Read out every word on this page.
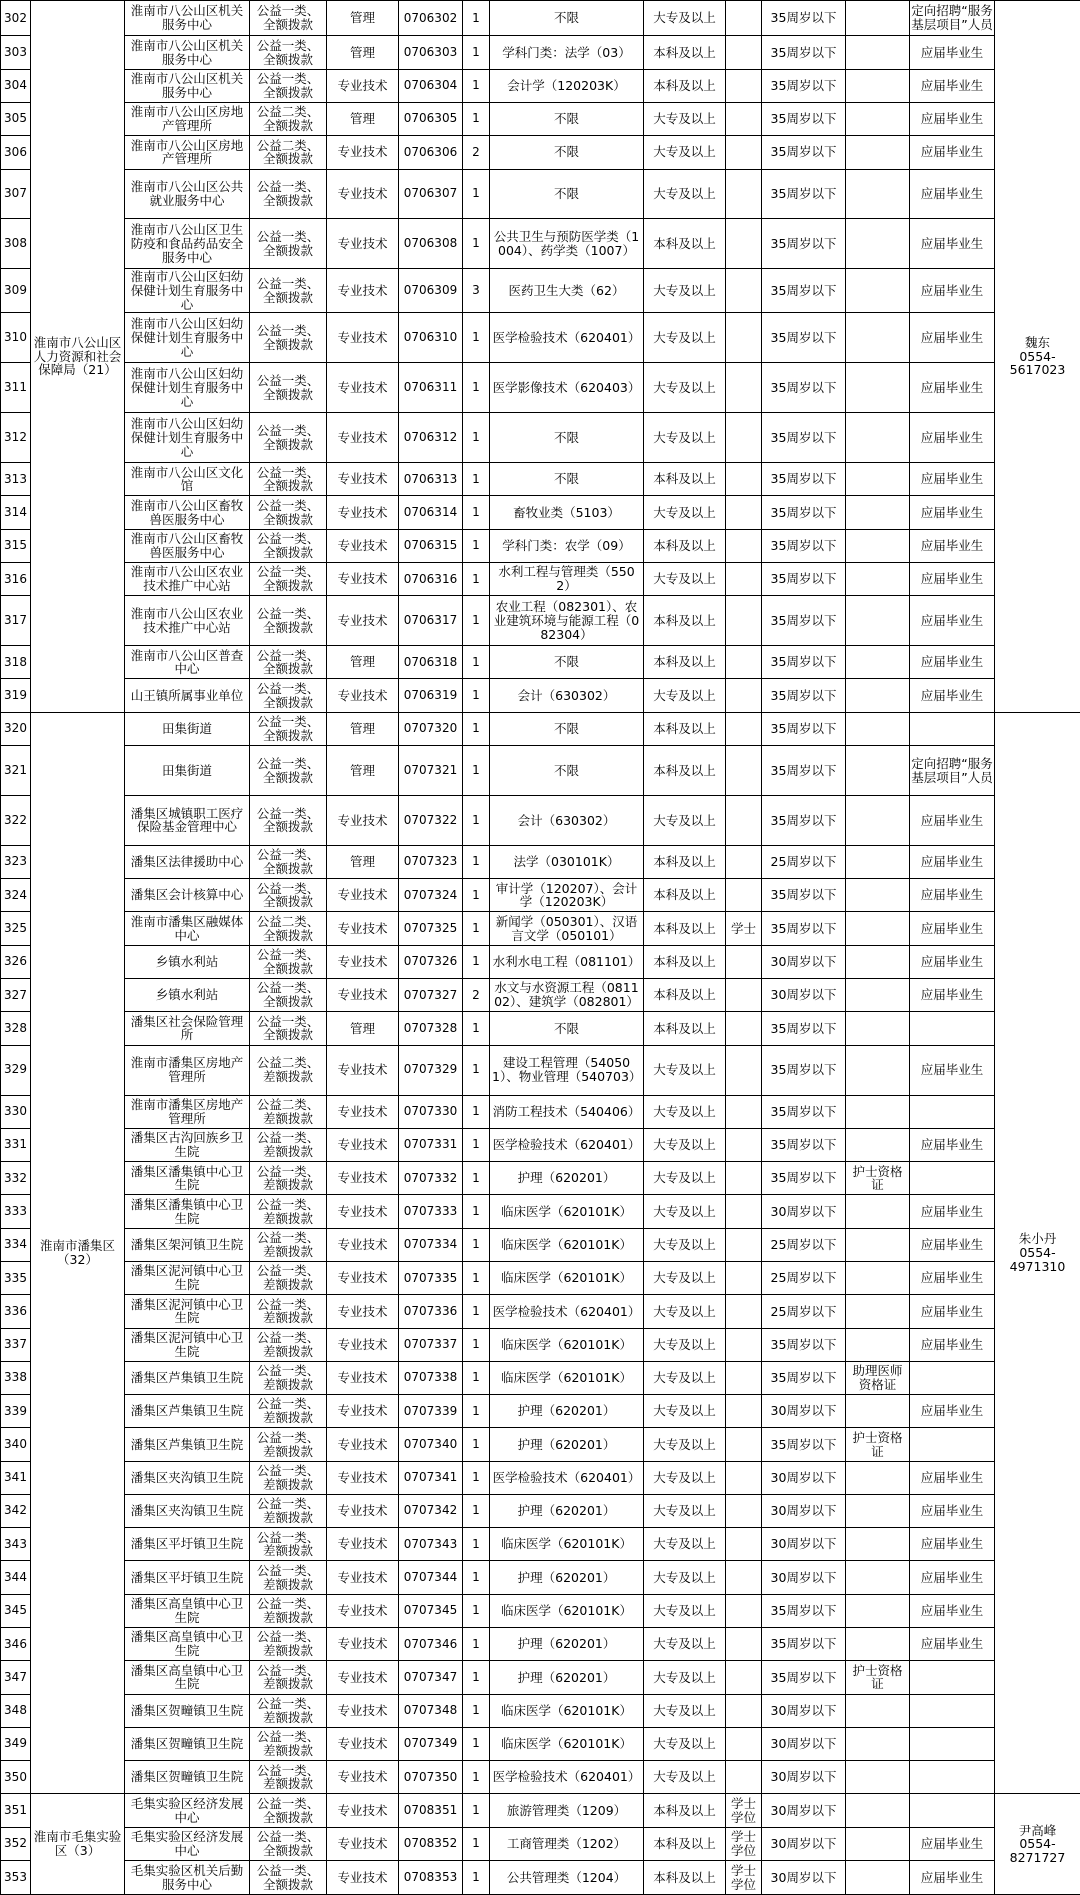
302	淮南市八公山区人力资源和社会保障局（21）	淮南市八公山区机关服务中心	公益一类、全额拨款	管理	0706302	1	不限	大专及以上		35周岁以下		定向招聘“服务基层项目”人员	魏东
0554-
5617023
303		淮南市八公山区机关服务中心	公益一类、全额拨款	管理	0706303	1	学科门类：法学（03）	本科及以上		35周岁以下		应届毕业生	
304		淮南市八公山区机关服务中心	公益一类、全额拨款	专业技术	0706304	1	会计学（120203K）	本科及以上		35周岁以下		应届毕业生	
305		淮南市八公山区房地产管理所	公益二类、全额拨款	管理	0706305	1	不限	大专及以上		35周岁以下		应届毕业生	
306		淮南市八公山区房地产管理所	公益二类、全额拨款	专业技术	0706306	2	不限	大专及以上		35周岁以下		应届毕业生	
307		淮南市八公山区公共就业服务中心	公益一类、全额拨款	专业技术	0706307	1	不限	大专及以上		35周岁以下		应届毕业生	
308		淮南市八公山区卫生防疫和食品药品安全服务中心	公益一类、全额拨款	专业技术	0706308	1	公共卫生与预防医学类（1004）、药学类（1007）	本科及以上		35周岁以下		应届毕业生	
309		淮南市八公山区妇幼保健计划生育服务中心	公益一类、全额拨款	专业技术	0706309	3	医药卫生大类（62）	大专及以上		35周岁以下		应届毕业生	
310		淮南市八公山区妇幼保健计划生育服务中心	公益一类、全额拨款	专业技术	0706310	1	医学检验技术（620401）	大专及以上		35周岁以下		应届毕业生	
311		淮南市八公山区妇幼保健计划生育服务中心	公益一类、全额拨款	专业技术	0706311	1	医学影像技术（620403）	大专及以上		35周岁以下		应届毕业生	
312		淮南市八公山区妇幼保健计划生育服务中心	公益一类、全额拨款	专业技术	0706312	1	不限	大专及以上		35周岁以下		应届毕业生	
313		淮南市八公山区文化馆	公益一类、全额拨款	专业技术	0706313	1	不限	本科及以上		35周岁以下		应届毕业生	
314		淮南市八公山区畜牧兽医服务中心	公益一类、全额拨款	专业技术	0706314	1	畜牧业类（5103）	大专及以上		35周岁以下		应届毕业生	
315		淮南市八公山区畜牧兽医服务中心	公益一类、全额拨款	专业技术	0706315	1	学科门类：农学（09）	本科及以上		35周岁以下		应届毕业生	
316		淮南市八公山区农业技术推广中心站	公益一类、全额拨款	专业技术	0706316	1	水利工程与管理类（5502）	大专及以上		35周岁以下		应届毕业生	
317		淮南市八公山区农业技术推广中心站	公益一类、全额拨款	专业技术	0706317	1	农业工程（082301）、农业建筑环境与能源工程（082304）	本科及以上		35周岁以下		应届毕业生	
318		淮南市八公山区普查中心	公益一类、全额拨款	管理	0706318	1	不限	本科及以上		35周岁以下		应届毕业生	
319		山王镇所属事业单位	公益一类、全额拨款	专业技术	0706319	1	会计（630302）	大专及以上		35周岁以下		应届毕业生	
320	淮南市潘集区（32）	田集街道	公益一类、全额拨款	管理	0707320	1	不限	本科及以上		35周岁以下			朱小丹
0554-
4971310
321		田集街道	公益一类、全额拨款	管理	0707321	1	不限	本科及以上		35周岁以下		定向招聘“服务基层项目”人员	
322		潘集区城镇职工医疗保险基金管理中心	公益一类、全额拨款	专业技术	0707322	1	会计（630302）	大专及以上		35周岁以下		应届毕业生	
323		潘集区法律援助中心	公益一类、全额拨款	管理	0707323	1	法学（030101K）	本科及以上		25周岁以下		应届毕业生	
324		潘集区会计核算中心	公益一类、全额拨款	专业技术	0707324	1	审计学（120207）、会计学（120203K）	本科及以上		35周岁以下		应届毕业生	
325		淮南市潘集区融媒体中心	公益二类、全额拨款	专业技术	0707325	1	新闻学（050301）、汉语言文学（050101）	本科及以上	学士	35周岁以下		应届毕业生	
326		乡镇水利站	公益一类、全额拨款	专业技术	0707326	1	水利水电工程（081101）	本科及以上		30周岁以下		应届毕业生	
327		乡镇水利站	公益一类、全额拨款	专业技术	0707327	2	水文与水资源工程（081102）、建筑学（082801）	本科及以上		30周岁以下		应届毕业生	
328		潘集区社会保险管理所	公益一类、全额拨款	管理	0707328	1	不限	本科及以上		35周岁以下			
329		淮南市潘集区房地产管理所	公益二类、差额拨款	专业技术	0707329	1	建设工程管理（540501）、物业管理（540703）	大专及以上		35周岁以下		应届毕业生	
330		淮南市潘集区房地产管理所	公益二类、差额拨款	专业技术	0707330	1	消防工程技术（540406）	大专及以上		35周岁以下			
331		潘集区古沟回族乡卫生院	公益一类、差额拨款	专业技术	0707331	1	医学检验技术（620401）	大专及以上		35周岁以下		应届毕业生	
332		潘集区潘集镇中心卫生院	公益一类、差额拨款	专业技术	0707332	1	护理（620201）	大专及以上		35周岁以下	护士资格证		
333		潘集区潘集镇中心卫生院	公益一类、差额拨款	专业技术	0707333	1	临床医学（620101K）	大专及以上		30周岁以下		应届毕业生	
334		潘集区架河镇卫生院	公益一类、差额拨款	专业技术	0707334	1	临床医学（620101K）	大专及以上		25周岁以下		应届毕业生	
335		潘集区泥河镇中心卫生院	公益一类、差额拨款	专业技术	0707335	1	临床医学（620101K）	大专及以上		25周岁以下		应届毕业生	
336		潘集区泥河镇中心卫生院	公益一类、差额拨款	专业技术	0707336	1	医学检验技术（620401）	大专及以上		25周岁以下		应届毕业生	
337		潘集区泥河镇中心卫生院	公益一类、差额拨款	专业技术	0707337	1	临床医学（620101K）	大专及以上		35周岁以下		应届毕业生	
338		潘集区芦集镇卫生院	公益一类、差额拨款	专业技术	0707338	1	临床医学（620101K）	大专及以上		35周岁以下	助理医师资格证		
339		潘集区芦集镇卫生院	公益一类、差额拨款	专业技术	0707339	1	护理（620201）	大专及以上		30周岁以下		应届毕业生	
340		潘集区芦集镇卫生院	公益一类、差额拨款	专业技术	0707340	1	护理（620201）	大专及以上		35周岁以下	护士资格证		
341		潘集区夹沟镇卫生院	公益一类、差额拨款	专业技术	0707341	1	医学检验技术（620401）	大专及以上		30周岁以下		应届毕业生	
342		潘集区夹沟镇卫生院	公益一类、差额拨款	专业技术	0707342	1	护理（620201）	大专及以上		30周岁以下		应届毕业生	
343		潘集区平圩镇卫生院	公益一类、差额拨款	专业技术	0707343	1	临床医学（620101K）	大专及以上		30周岁以下		应届毕业生	
344		潘集区平圩镇卫生院	公益一类、差额拨款	专业技术	0707344	1	护理（620201）	大专及以上		30周岁以下		应届毕业生	
345		潘集区高皇镇中心卫生院	公益一类、差额拨款	专业技术	0707345	1	临床医学（620101K）	大专及以上		35周岁以下		应届毕业生	
346		潘集区高皇镇中心卫生院	公益一类、差额拨款	专业技术	0707346	1	护理（620201）	大专及以上		35周岁以下		应届毕业生	
347		潘集区高皇镇中心卫生院	公益一类、差额拨款	专业技术	0707347	1	护理（620201）	大专及以上		35周岁以下	护士资格证		
348		潘集区贺疃镇卫生院	公益一类、差额拨款	专业技术	0707348	1	临床医学（620101K）	大专及以上		30周岁以下			
349		潘集区贺疃镇卫生院	公益一类、差额拨款	专业技术	0707349	1	临床医学（620101K）	大专及以上		30周岁以下			
350		潘集区贺疃镇卫生院	公益一类、差额拨款	专业技术	0707350	1	医学检验技术（620401）	大专及以上		30周岁以下			
351	淮南市毛集实验区（3）	毛集实验区经济发展中心	公益一类、全额拨款	专业技术	0708351	1	旅游管理类（1209）	本科及以上	学士学位	30周岁以下			尹高峰
0554-
8271727
352		毛集实验区经济发展中心	公益一类、全额拨款	专业技术	0708352	1	工商管理类（1202）	本科及以上	学士学位	30周岁以下		应届毕业生	
353		毛集实验区机关后勤服务中心	公益一类、全额拨款	专业技术	0708353	1	公共管理类（1204）	本科及以上	学士学位	30周岁以下		应届毕业生	
